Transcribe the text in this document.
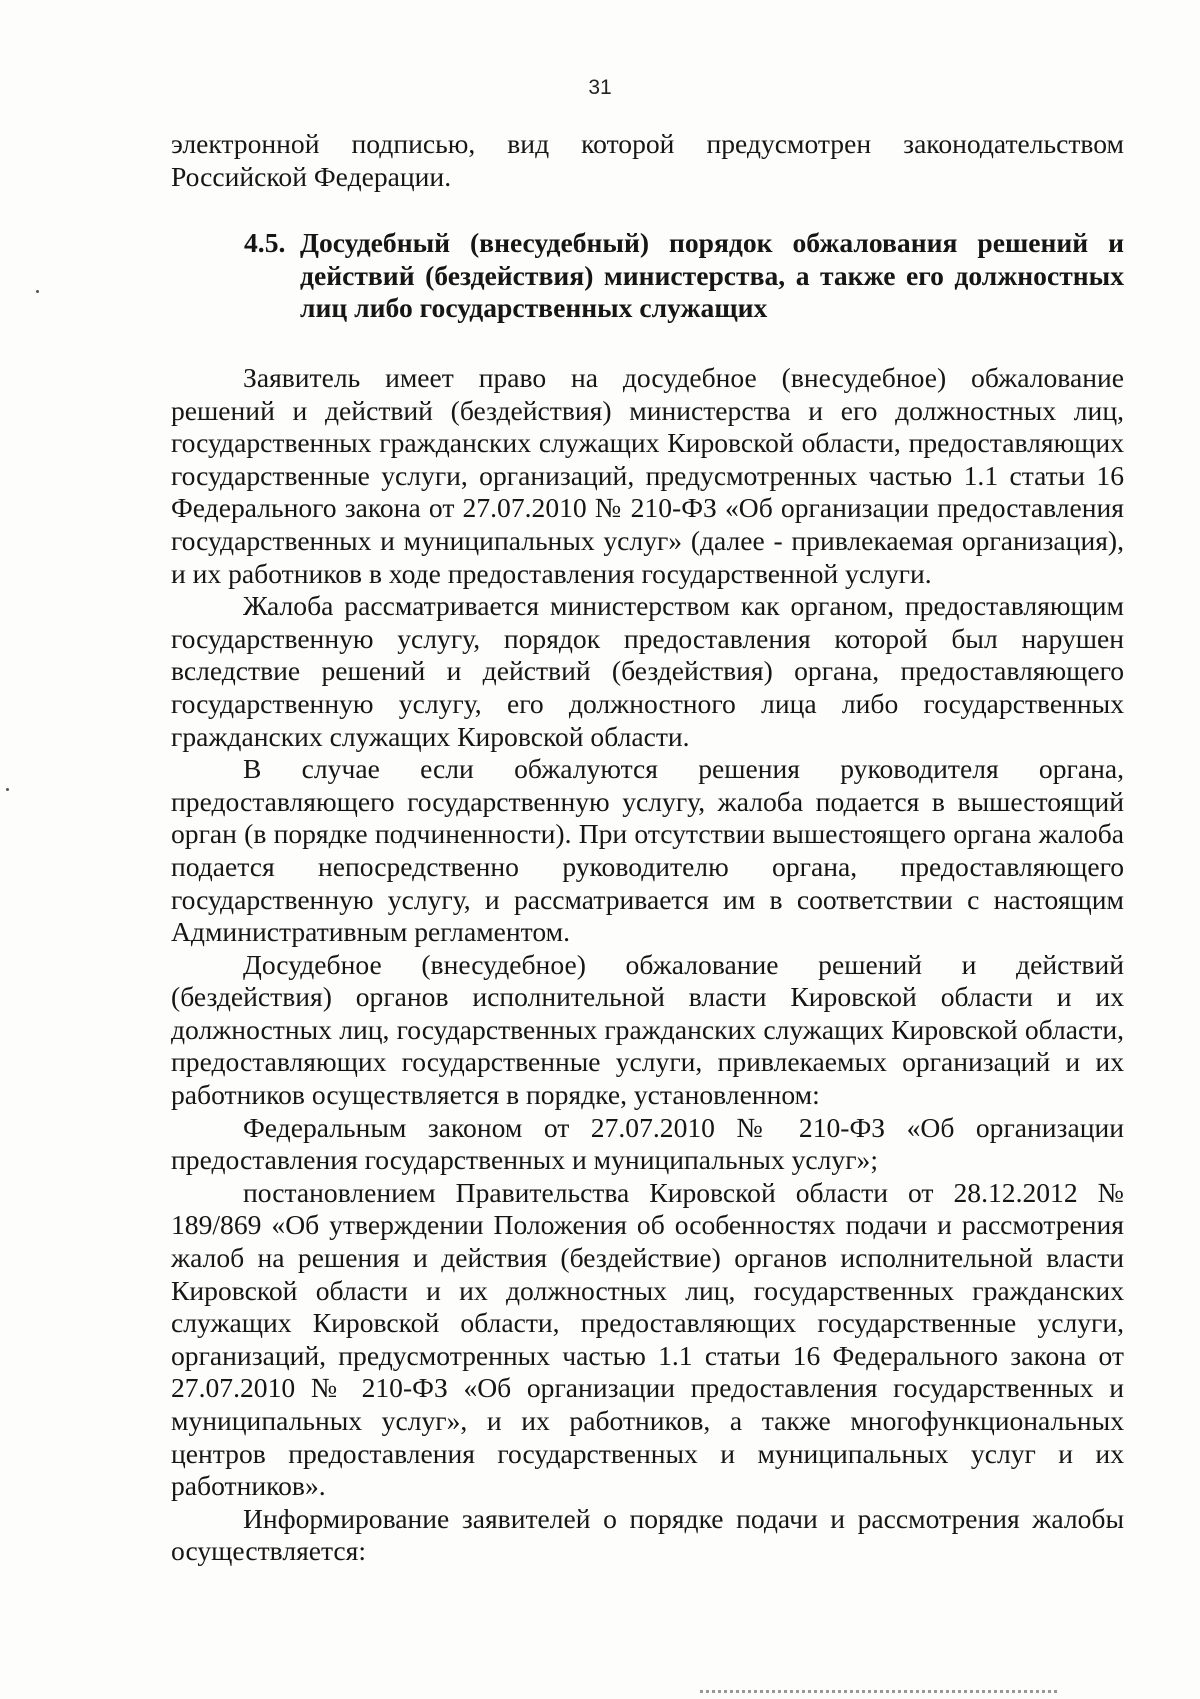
31

электронной подписью, вид которой предусмотрен законодательством Российской Федерации.

4.5. Досудебный (внесудебный) порядок обжалования решений и действий (бездействия) министерства, а также его должностных лиц либо государственных служащих

Заявитель имеет право на досудебное (внесудебное) обжалование решений и действий (бездействия) министерства и его должностных лиц, государственных гражданских служащих Кировской области, предоставляющих государственные услуги, организаций, предусмотренных частью 1.1 статьи 16 Федерального закона от 27.07.2010 № 210-ФЗ «Об организации предоставления государственных и муниципальных услуг» (далее - привлекаемая организация), и их работников в ходе предоставления государственной услуги.

Жалоба рассматривается министерством как органом, предоставляющим государственную услугу, порядок предоставления которой был нарушен вследствие решений и действий (бездействия) органа, предоставляющего государственную услугу, его должностного лица либо государственных гражданских служащих Кировской области.

В случае если обжалуются решения руководителя органа, предоставляющего государственную услугу, жалоба подается в вышестоящий орган (в порядке подчиненности). При отсутствии вышестоящего органа жалоба подается непосредственно руководителю органа, предоставляющего государственную услугу, и рассматривается им в соответствии с настоящим Административным регламентом.

Досудебное (внесудебное) обжалование решений и действий (бездействия) органов исполнительной власти Кировской области и их должностных лиц, государственных гражданских служащих Кировской области, предоставляющих государственные услуги, привлекаемых организаций и их работников осуществляется в порядке, установленном:

Федеральным законом от 27.07.2010 № 210-ФЗ «Об организации предоставления государственных и муниципальных услуг»;

постановлением Правительства Кировской области от 28.12.2012 № 189/869 «Об утверждении Положения об особенностях подачи и рассмотрения жалоб на решения и действия (бездействие) органов исполнительной власти Кировской области и их должностных лиц, государственных гражданских служащих Кировской области, предоставляющих государственные услуги, организаций, предусмотренных частью 1.1 статьи 16 Федерального закона от 27.07.2010 № 210-ФЗ «Об организации предоставления государственных и муниципальных услуг», и их работников, а также многофункциональных центров предоставления государственных и муниципальных услуг и их работников».

Информирование заявителей о порядке подачи и рассмотрения жалобы осуществляется:
